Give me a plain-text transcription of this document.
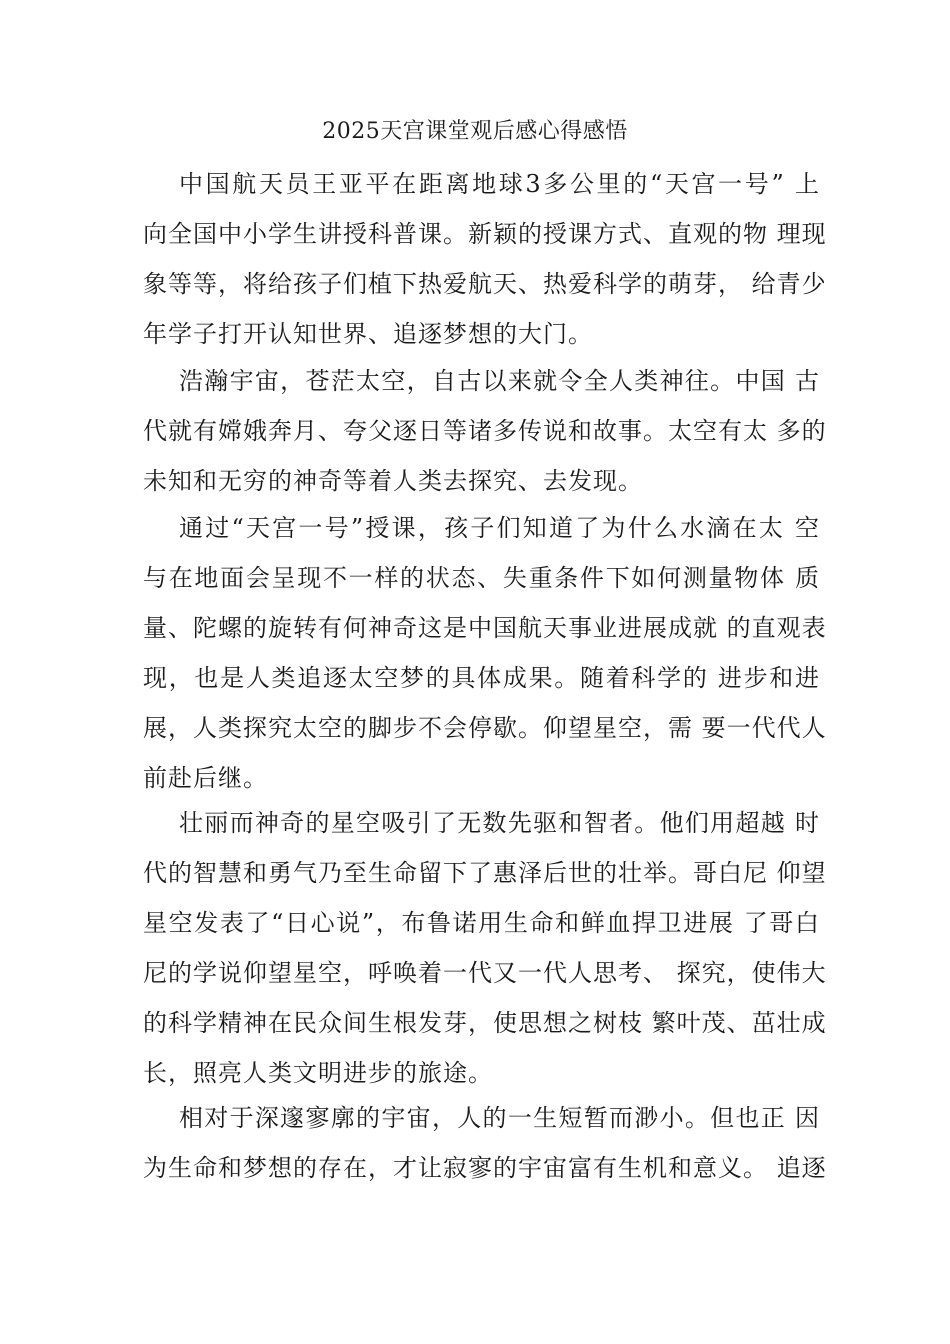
2025天宫课堂观后感心得感悟
中国航天员王亚平在距离地球3多公里的“天宫一号” 上
向全国中小学生讲授科普课。新颖的授课方式、直观的物 理现
象等等，将给孩子们植下热爱航天、热爱科学的萌芽， 给青少
年学子打开认知世界、追逐梦想的大门。
浩瀚宇宙，苍茫太空，自古以来就令全人类神往。中国 古
代就有嫦娥奔月、夸父逐日等诸多传说和故事。太空有太 多的
未知和无穷的神奇等着人类去探究、去发现。
通过“天宫一号”授课，孩子们知道了为什么水滴在太 空
与在地面会呈现不一样的状态、失重条件下如何测量物体 质
量、陀螺的旋转有何神奇这是中国航天事业进展成就 的直观表
现，也是人类追逐太空梦的具体成果。随着科学的 进步和进
展，人类探究太空的脚步不会停歇。仰望星空，需 要一代代人
前赴后继。
壮丽而神奇的星空吸引了无数先驱和智者。他们用超越 时
代的智慧和勇气乃至生命留下了惠泽后世的壮举。哥白尼 仰望
星空发表了“日心说”，布鲁诺用生命和鲜血捍卫进展 了哥白
尼的学说仰望星空，呼唤着一代又一代人思考、 探究，使伟大
的科学精神在民众间生根发芽，使思想之树枝 繁叶茂、茁壮成
长，照亮人类文明进步的旅途。
相对于深邃寥廓的宇宙，人的一生短暂而渺小。但也正 因
为生命和梦想的存在，才让寂寥的宇宙富有生机和意义。 追逐
